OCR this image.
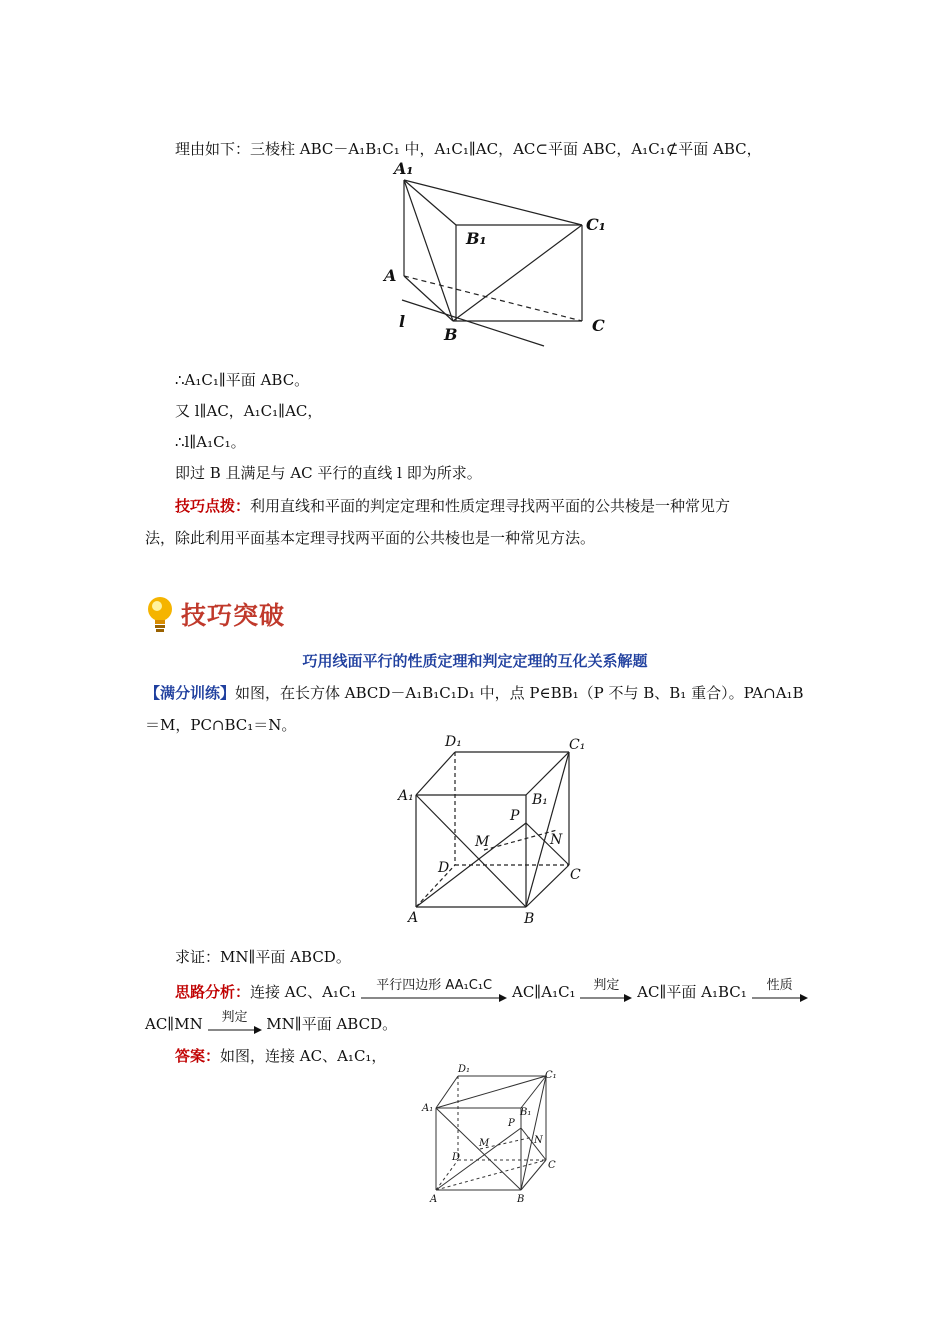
理由如下：三棱柱 ABC－A₁B₁C₁ 中，A₁C₁∥AC，AC⊂平面 ABC，A₁C₁⊄平面 ABC，
A₁
B₁
C₁
A
B	C
l
∴A₁C₁∥平面 ABC。
又 l∥AC，A₁C₁∥AC，
∴l∥A₁C₁。
即过 B 且满足与 AC 平行的直线 l 即为所求。
技巧点拨：利用直线和平面的判定定理和性质定理寻找两平面的公共棱是一种常见方
法，除此利用平面基本定理寻找两平面的公共棱也是一种常见方法。
技巧突破
巧用线面平行的性质定理和判定定理的互化关系解题
【满分训练】如图，在长方体 ABCD－A₁B₁C₁D₁ 中，点 P∈BB₁（P 不与 B、B₁ 重合）。PA∩A₁B
＝M，PC∩BC₁＝N。
D₁	C₁
A₁	B₁
P
M	N
D	C
A	B
求证：MN∥平面 ABCD。
思路分析：连接 AC、A₁C₁	平行四边形 AA₁C₁C	AC∥A₁C₁	判定	AC∥平面 A₁BC₁	性质
AC∥MN	判定	MN∥平面 ABCD。
答案：如图，连接 AC、A₁C₁，
D₁
C₁
A₁	B₁
P
M	N
D
C
A	B
